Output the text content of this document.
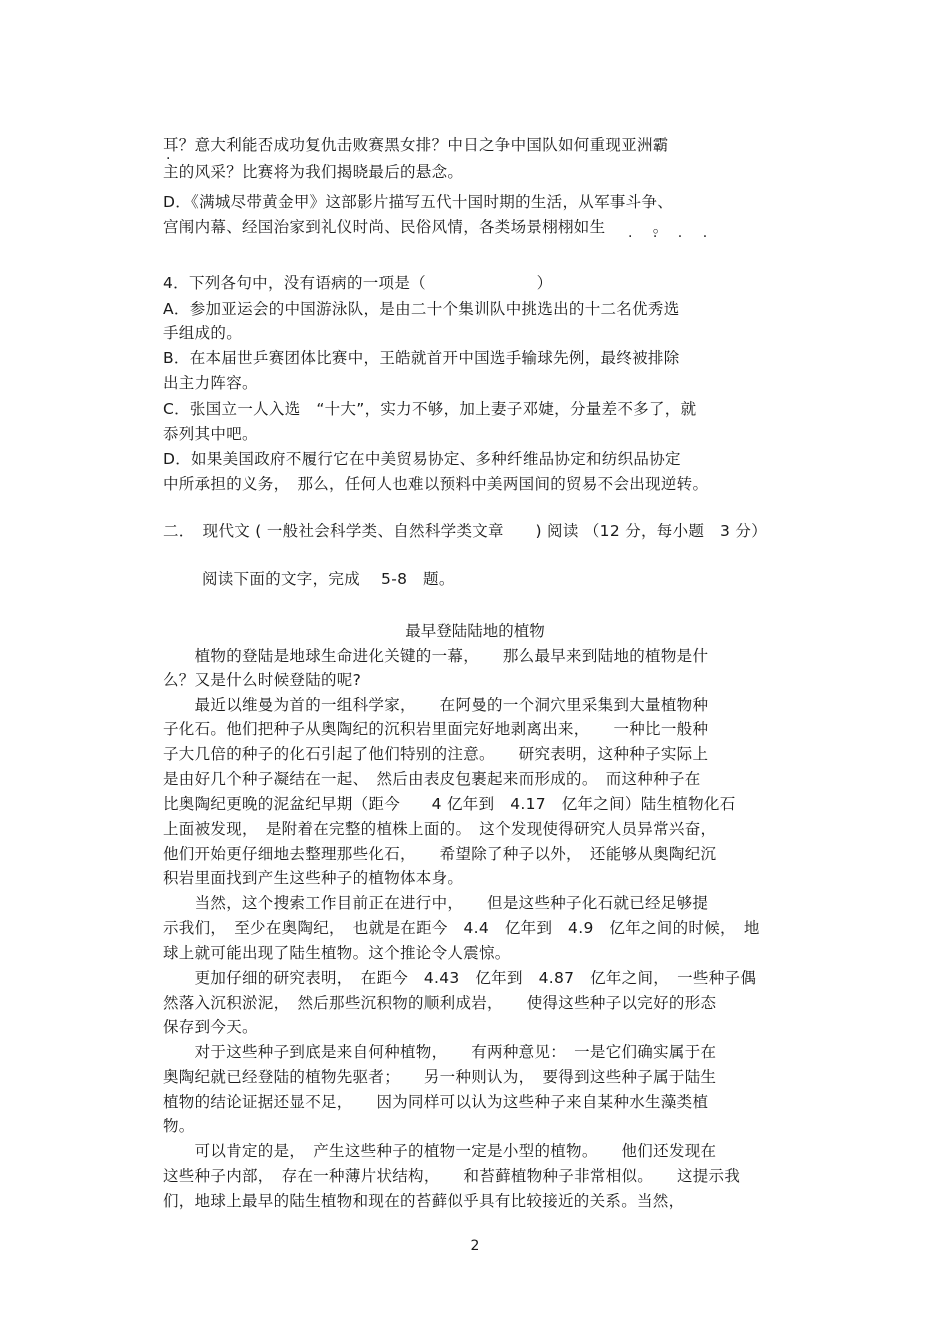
耳？意大利能否成功复仇击败赛黑女排？中日之争中国队如何重现亚洲霸
·
主的风采？比赛将为我们揭晓最后的悬念。
D．《满城尽带黄金甲》这部影片描写五代十国时期的生活，从军事斗争、
宫闱内幕、经国治家到礼仪时尚、民俗风情，各类场景栩栩如生　　　。
· · · ·
4．下列各句中，没有语病的一项是（　　　　　　　）
A．参加亚运会的中国游泳队，是由二十个集训队中挑选出的十二名优秀选
手组成的。
B．在本届世乒赛团体比赛中，王皓就首开中国选手输球先例，最终被排除
出主力阵容。
C．张国立一人入选　“十大”，实力不够，加上妻子邓婕，分量差不多了，就
忝列其中吧。
D．如果美国政府不履行它在中美贸易协定、多种纤维品协定和纺织品协定
中所承担的义务，　那么，任何人也难以预料中美两国间的贸易不会出现逆转。
二．　现代文 ( 一般社会科学类、自然科学类文章　　) 阅读 （12 分，每小题　3 分）
阅读下面的文字，完成　 5-8　题。
最早登陆陆地的植物
　　植物的登陆是地球生命进化关键的一幕，　　那么最早来到陆地的植物是什
么？又是什么时候登陆的呢?
　　最近以维曼为首的一组科学家，　　在阿曼的一个洞穴里采集到大量植物种
子化石。他们把种子从奥陶纪的沉积岩里面完好地剥离出来，　　一种比一般种
子大几倍的种子的化石引起了他们特别的注意。　　研究表明，这种种子实际上
是由好几个种子凝结在一起、　然后由表皮包裹起来而形成的。　而这种种子在
比奥陶纪更晚的泥盆纪早期（距今　　4 亿年到　4.17　亿年之间）陆生植物化石
上面被发现，　是附着在完整的植株上面的。　这个发现使得研究人员异常兴奋，
他们开始更仔细地去整理那些化石，　　希望除了种子以外，　还能够从奥陶纪沉
积岩里面找到产生这些种子的植物体本身。
　　当然，这个搜索工作目前正在进行中，　　但是这些种子化石就已经足够提
示我们，　至少在奥陶纪，　也就是在距今　4.4　亿年到　4.9　亿年之间的时候，　地
球上就可能出现了陆生植物。这个推论令人震惊。
　　更加仔细的研究表明，　在距今　4.43　亿年到　4.87　亿年之间，　一些种子偶
然落入沉积淤泥，　然后那些沉积物的顺利成岩，　　使得这些种子以完好的形态
保存到今天。
　　对于这些种子到底是来自何种植物，　　有两种意见：　一是它们确实属于在
奥陶纪就已经登陆的植物先驱者；　　另一种则认为，　要得到这些种子属于陆生
植物的结论证据还显不足，　　因为同样可以认为这些种子来自某种水生藻类植
物。
　　可以肯定的是，　产生这些种子的植物一定是小型的植物。　　他们还发现在
这些种子内部，　存在一种薄片状结构，　　和苔藓植物种子非常相似。　　这提示我
们，地球上最早的陆生植物和现在的苔藓似乎具有比较接近的关系。当然，
2
